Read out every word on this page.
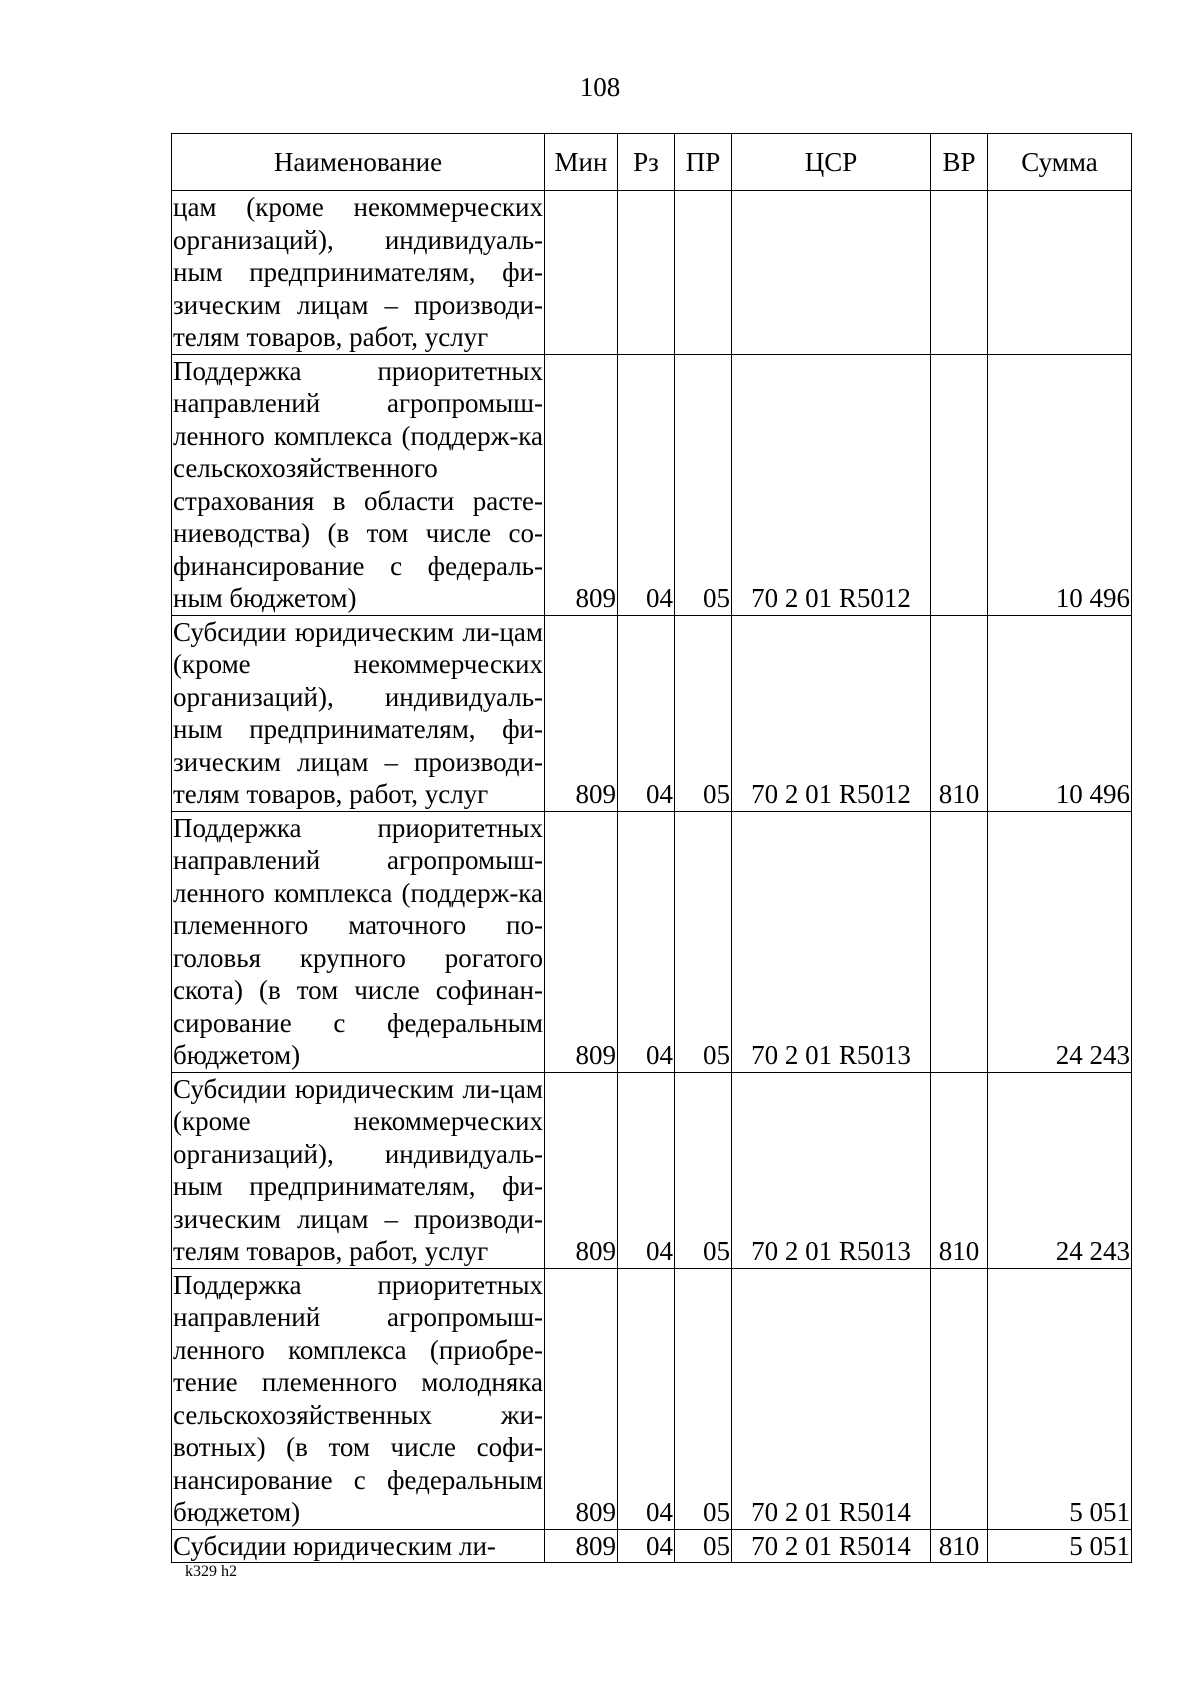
108
Наименование	Мин	Рз	ПР	ЦСР	ВР	Сумма
цам (кроме некоммерческих организаций), индивидуаль-ным предпринимателям, фи-зическим лицам – производи-телям товаров, работ, услуг						
Поддержка приоритетных направлений агропромыш-ленного комплекса (поддерж-ка сельскохозяйственного страхования в области расте-ниеводства) (в том числе со-финансирование с федераль-ным бюджетом)	809	04	05	70 2 01 R5012		10 496
Субсидии юридическим ли-цам (кроме некоммерческих организаций), индивидуаль-ным предпринимателям, фи-зическим лицам – производи-телям товаров, работ, услуг	809	04	05	70 2 01 R5012	810	10 496
Поддержка приоритетных направлений агропромыш-ленного комплекса (поддерж-ка племенного маточного по-головья крупного рогатого скота) (в том числе софинан-сирование с федеральным бюджетом)	809	04	05	70 2 01 R5013		24 243
Субсидии юридическим ли-цам (кроме некоммерческих организаций), индивидуаль-ным предпринимателям, фи-зическим лицам – производи-телям товаров, работ, услуг	809	04	05	70 2 01 R5013	810	24 243
Поддержка приоритетных направлений агропромыш-ленного комплекса (приобре-тение племенного молодняка сельскохозяйственных жи-вотных) (в том числе софи-нансирование с федеральным бюджетом)	809	04	05	70 2 01 R5014		5 051
Субсидии юридическим ли-	809	04	05	70 2 01 R5014	810	5 051
k329 h2
